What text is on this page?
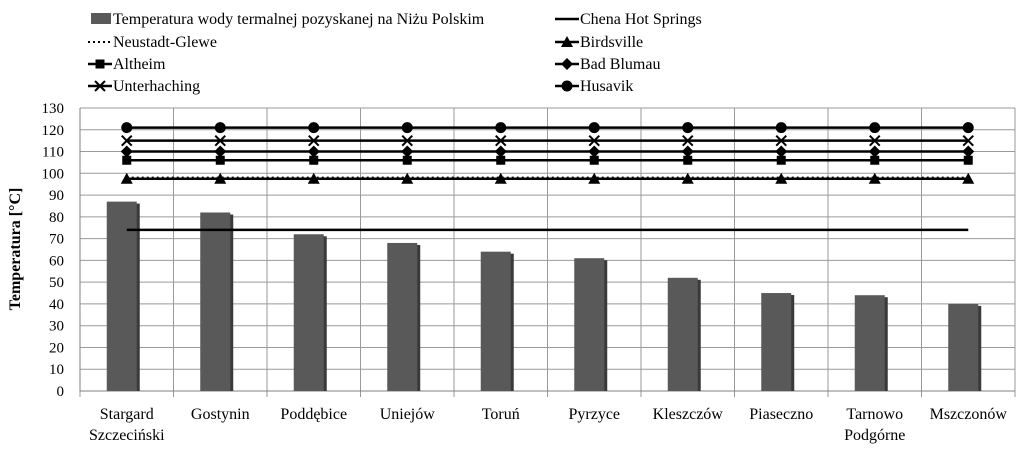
Temperatura wody termalnej pozyskanej na Niżu Polskim	Chena Hot Springs
Neustadt-Glewe	Birdsville
Altheim	Bad Blumau
Unterhaching	Husavik
0
10
20
30
40
50
60
70
80
90
100
110
120
130
Stargard Szczeciński
Gostynin Poddębice Uniejów	Toruń	Pyrzyce Kleszczów Piaseczno Tarnowo Podgórne
Mszczonów
Temperatura [°C]
